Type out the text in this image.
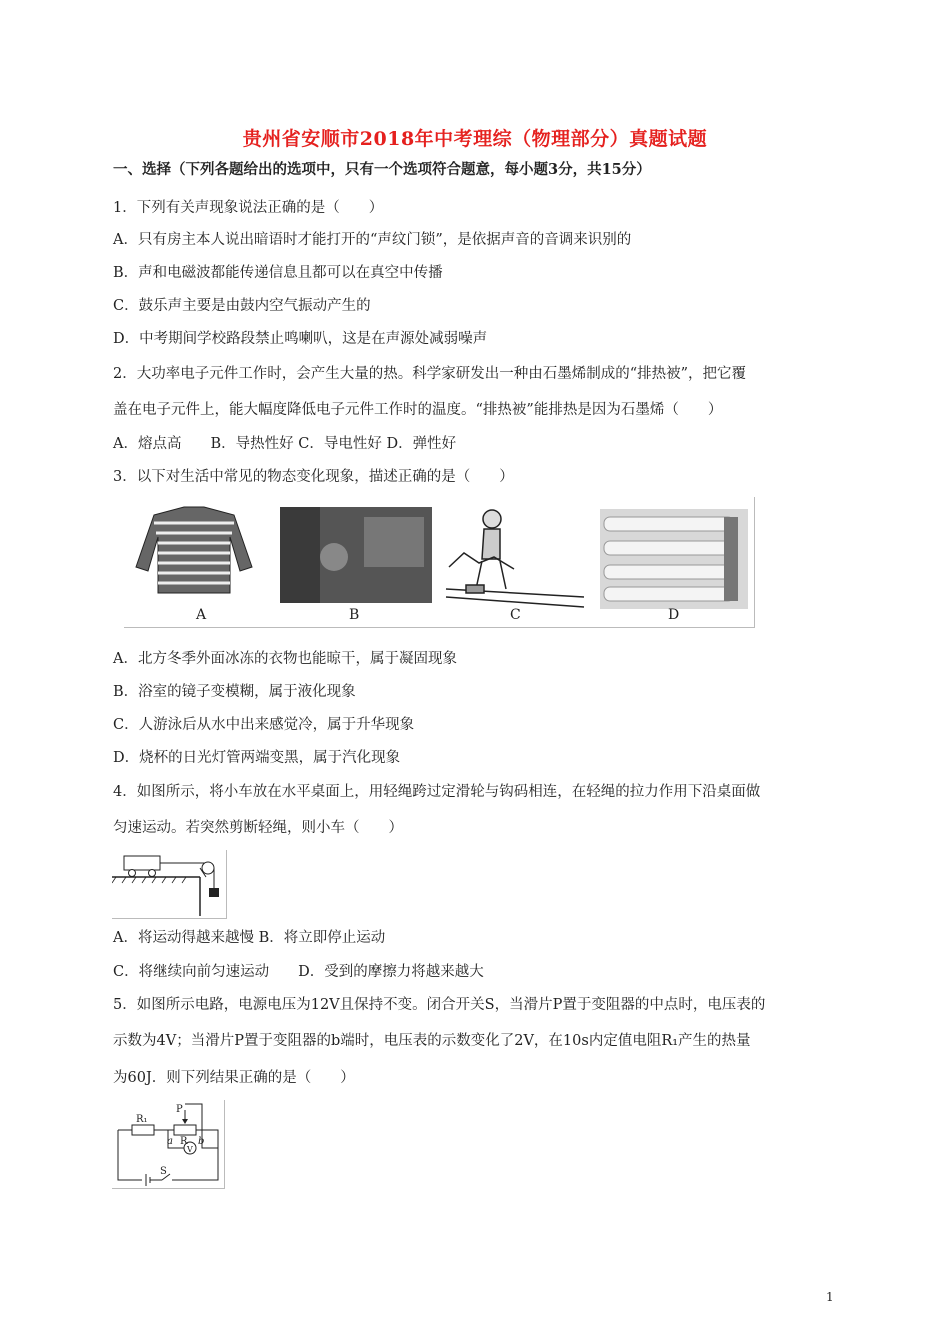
贵州省安顺市2018年中考理综（物理部分）真题试题
一、选择（下列各题给出的选项中，只有一个选项符合题意，每小题3分，共15分）
1．下列有关声现象说法正确的是（　　）
A．只有房主本人说出暗语时才能打开的“声纹门锁”，是依据声音的音调来识别的
B．声和电磁波都能传递信息且都可以在真空中传播
C．鼓乐声主要是由鼓内空气振动产生的
D．中考期间学校路段禁止鸣喇叭，这是在声源处减弱噪声
2．大功率电子元件工作时，会产生大量的热。科学家研发出一种由石墨烯制成的“排热被”，把它覆
盖在电子元件上，能大幅度降低电子元件工作时的温度。“排热被”能排热是因为石墨烯（　　）
A．熔点高　　B．导热性好 C．导电性好 D．弹性好
3．以下对生活中常见的物态变化现象，描述正确的是（　　）
A	B	C	D
A．北方冬季外面冰冻的衣物也能晾干，属于凝固现象
B．浴室的镜子变模糊，属于液化现象
C．人游泳后从水中出来感觉冷，属于升华现象
D．烧杯的日光灯管两端变黑，属于汽化现象
4．如图所示，将小车放在水平桌面上，用轻绳跨过定滑轮与钩码相连，在轻绳的拉力作用下沿桌面做
匀速运动。若突然剪断轻绳，则小车（　　）
A．将运动得越来越慢 B．将立即停止运动
C．将继续向前匀速运动　　D．受到的摩擦力将越来越大
5．如图所示电路，电源电压为12V且保持不变。闭合开关S，当滑片P置于变阻器的中点时，电压表的
示数为4V；当滑片P置于变阻器的b端时，电压表的示数变化了2V，在10s内定值电阻R₁产生的热量
为60J．则下列结果正确的是（　　）
P
R₁
a R b
V
S
1
